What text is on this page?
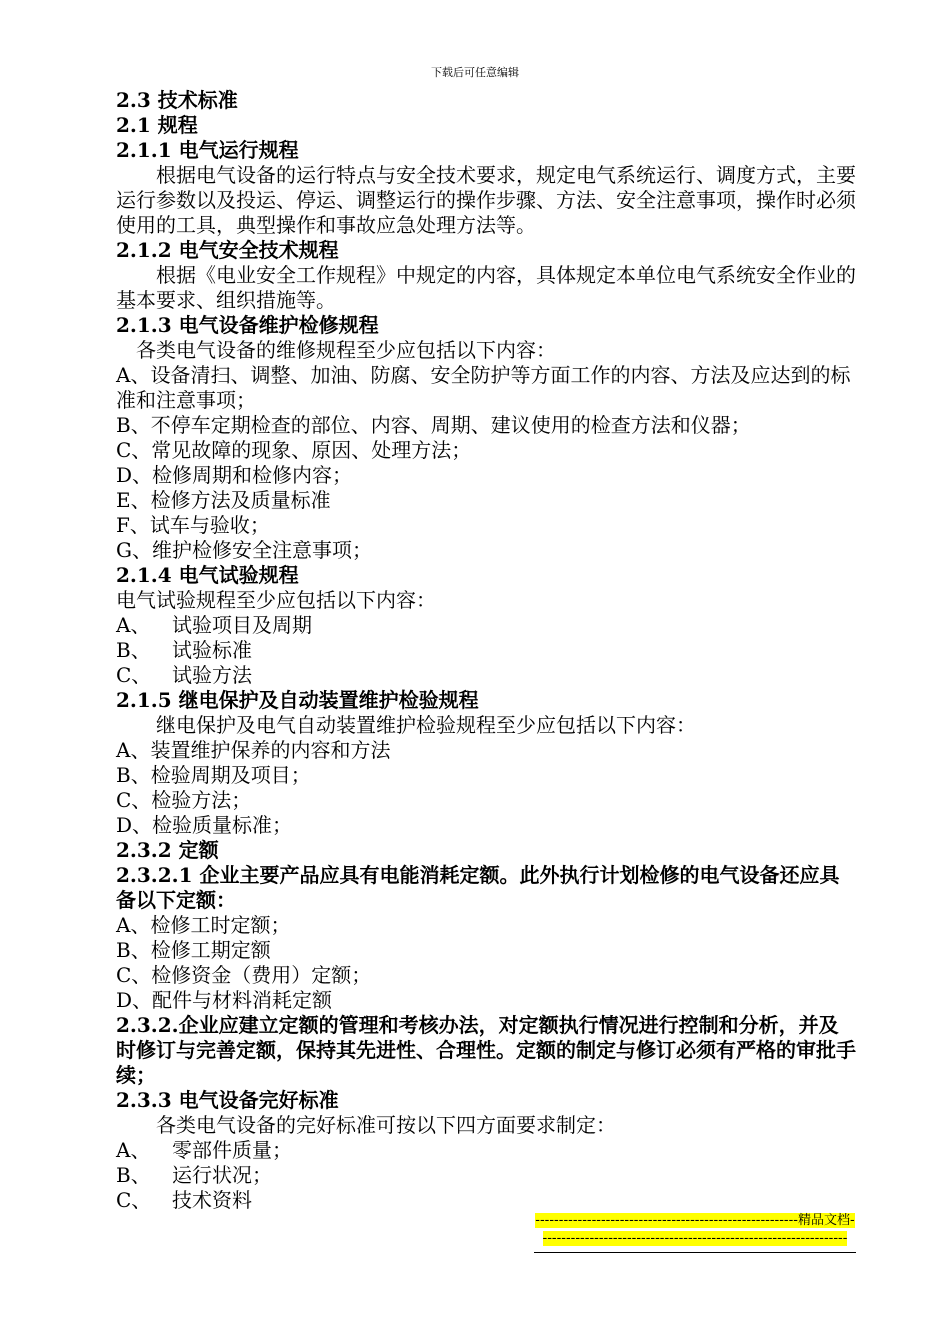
下载后可任意编辑
2.3 技术标准
2.1 规程
2.1.1 电气运行规程
根据电气设备的运行特点与安全技术要求，规定电气系统运行、调度方式，主要运行参数以及投运、停运、调整运行的操作步骤、方法、安全注意事项，操作时必须使用的工具，典型操作和事故应急处理方法等。
2.1.2 电气安全技术规程
根据《电业安全工作规程》中规定的内容，具体规定本单位电气系统安全作业的基本要求、组织措施等。
2.1.3 电气设备维护检修规程
各类电气设备的维修规程至少应包括以下内容：
A、设备清扫、调整、加油、防腐、安全防护等方面工作的内容、方法及应达到的标准和注意事项；
B、不停车定期检查的部位、内容、周期、建议使用的检查方法和仪器；
C、常见故障的现象、原因、处理方法；
D、检修周期和检修内容；
E、检修方法及质量标准
F、试车与验收；
G、维护检修安全注意事项；
2.1.4 电气试验规程
电气试验规程至少应包括以下内容：
A、 试验项目及周期
B、 试验标准
C、 试验方法
2.1.5 继电保护及自动装置维护检验规程
继电保护及电气自动装置维护检验规程至少应包括以下内容：
A、装置维护保养的内容和方法
B、检验周期及项目；
C、检验方法；
D、检验质量标准；
2.3.2 定额
2.3.2.1 企业主要产品应具有电能消耗定额。此外执行计划检修的电气设备还应具备以下定额：
A、检修工时定额；
B、检修工期定额
C、检修资金（费用）定额；
D、配件与材料消耗定额
2.3.2.企业应建立定额的管理和考核办法，对定额执行情况进行控制和分析，并及时修订与完善定额，保持其先进性、合理性。定额的制定与修订必须有严格的审批手续；
2.3.3 电气设备完好标准
各类电气设备的完好标准可按以下四方面要求制定：
A、 零部件质量；
B、 运行状况；
C、 技术资料
--------------------------------------------------------精品文档------------------------------------------------------------------
